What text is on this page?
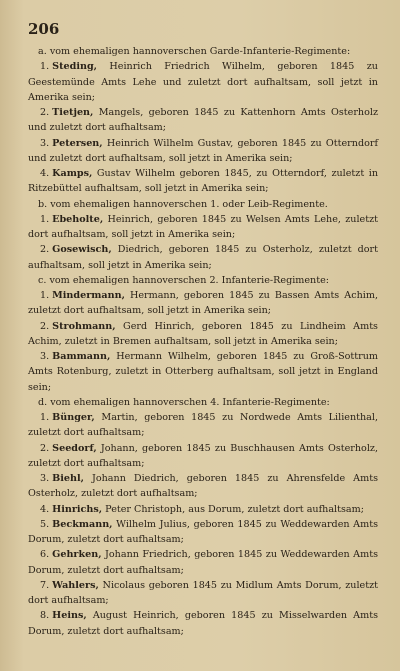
206

a. vom ehemaligen hannoverschen Garde-Infanterie-Regimente:

1. Steding, Heinrich Friedrich Wilhelm, geboren 1845 zu Geestemünde Amts Lehe und zuletzt dort aufhaltsam, soll jetzt in Amerika sein;

2. Tietjen, Mangels, geboren 1845 zu Kattenhorn Amts Osterholz und zuletzt dort aufhaltsam;

3. Petersen, Heinrich Wilhelm Gustav, geboren 1845 zu Otterndorf und zuletzt dort aufhaltsam, soll jetzt in Amerika sein;

4. Kamps, Gustav Wilhelm geboren 1845, zu Otterndorf, zuletzt in Ritzebüttel aufhaltsam, soll jetzt in Amerika sein;

b. vom ehemaligen hannoverschen 1. oder Leib-Regimente.

1. Ebeholte, Heinrich, geboren 1845 zu Welsen Amts Lehe, zuletzt dort aufhaltsam, soll jetzt in Amerika sein;

2. Gosewisch, Diedrich, geboren 1845 zu Osterholz, zuletzt dort aufhaltsam, soll jetzt in Amerika sein;

c. vom ehemaligen hannoverschen 2. Infanterie-Regimente:

1. Mindermann, Hermann, geboren 1845 zu Bassen Amts Achim, zuletzt dort aufhaltsam, soll jetzt in Amerika sein;

2. Strohmann, Gerd Hinrich, geboren 1845 zu Lindheim Amts Achim, zuletzt in Bremen aufhaltsam, soll jetzt in Amerika sein;

3. Bammann, Hermann Wilhelm, geboren 1845 zu Groß-Sottrum Amts Rotenburg, zuletzt in Otterberg aufhaltsam, soll jetzt in England sein;

d. vom ehemaligen hannoverschen 4. Infanterie-Regimente:

1. Bünger, Martin, geboren 1845 zu Nordwede Amts Lilienthal, zuletzt dort aufhaltsam;

2. Seedorf, Johann, geboren 1845 zu Buschhausen Amts Osterholz, zuletzt dort aufhaltsam;

3. Biehl, Johann Diedrich, geboren 1845 zu Ahrensfelde Amts Osterholz, zuletzt dort aufhaltsam;

4. Hinrichs, Peter Christoph, aus Dorum, zuletzt dort aufhaltsam;

5. Beckmann, Wilhelm Julius, geboren 1845 zu Weddewarden Amts Dorum, zuletzt dort aufhaltsam;

6. Gehrken, Johann Friedrich, geboren 1845 zu Weddewarden Amts Dorum, zuletzt dort aufhaltsam;

7. Wahlers, Nicolaus geboren 1845 zu Midlum Amts Dorum, zuletzt dort aufhaltsam;

8. Heins, August Heinrich, geboren 1845 zu Misselwarden Amts Dorum, zuletzt dort aufhaltsam;
